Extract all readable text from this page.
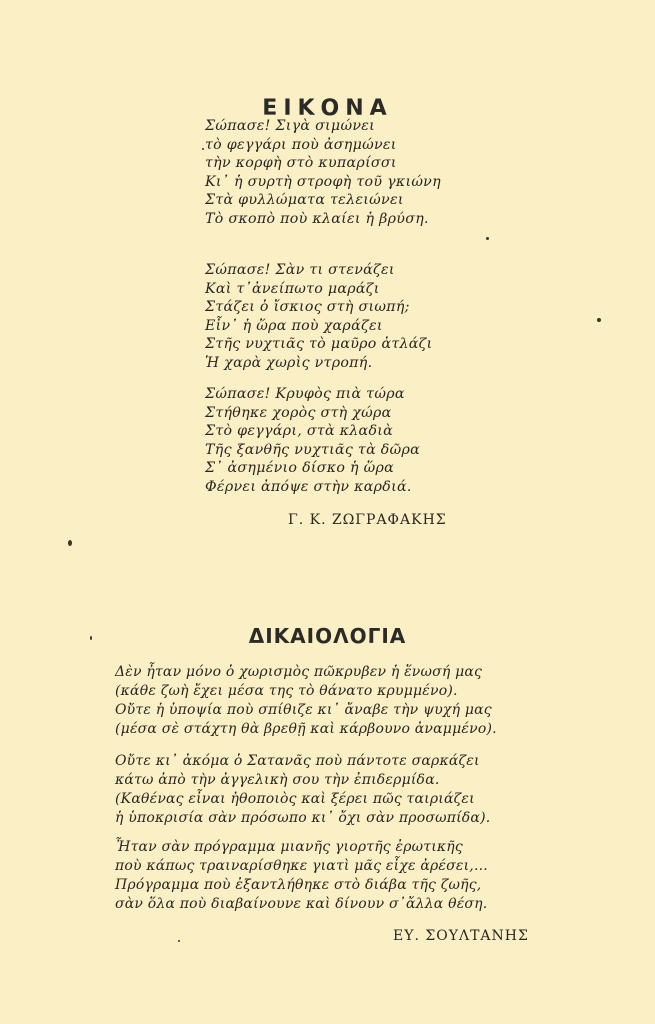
ΕΙΚΟΝΑ
Σώπασε! Σιγὰ σιμώνει
τὸ φεγγάρι ποὺ ἀσημώνει
τὴν κορφὴ στὸ κυπαρίσσι
Κι᾽ ἡ συρτὴ στροφὴ τοῦ γκιώνη
Στὰ φυλλώματα τελειώνει
Τὸ σκοπὸ ποὺ κλαίει ἡ βρύση.
Σώπασε! Σὰν τι στενάζει
Καὶ τ᾽ἀνείπωτο μαράζι
Στάζει ὁ ἴσκιος στὴ σιωπή;
Εἶν᾽ ἡ ὥρα ποὺ χαράζει
Στῆς νυχτιᾶς τὸ μαῦρο ἀτλάζι
Ἡ χαρὰ χωρὶς ντροπή.
Σώπασε! Κρυφὸς πιὰ τώρα
Στήθηκε χορὸς στὴ χώρα
Στὸ φεγγάρι, στὰ κλαδιὰ
Τῆς ξανθῆς νυχτιᾶς τὰ δῶρα
Σ᾽ ἀσημένιο δίσκο ἡ ὥρα
Φέρνει ἀπόψε στὴν καρδιά.
Γ. Κ. ΖΩΓΡΑΦΑΚΗΣ
ΔΙΚΑΙΟΛΟΓΙΑ
Δὲν ἦταν μόνο ὁ χωρισμὸς πῶκρυβεν ἡ ἕνωσή μας
(κάθε ζωὴ ἔχει μέσα της τὸ θάνατο κρυμμένο).
Οὔτε ἡ ὑποψία ποὺ σπίθιζε κι᾽ ἄναβε τὴν ψυχή μας
(μέσα σὲ στάχτη θὰ βρεθῇ καὶ κάρβουνο ἀναμμένο).
Οὔτε κι᾽ ἀκόμα ὁ Σατανᾶς ποὺ πάντοτε σαρκάζει
κάτω ἀπὸ τὴν ἀγγελικὴ σου τὴν ἐπιδερμίδα.
(Καθένας εἶναι ἠθοποιὸς καὶ ξέρει πῶς ταιριάζει
ἡ ὑποκρισία σὰν πρόσωπο κι᾽ ὄχι σὰν προσωπίδα).
Ἦταν σὰν πρόγραμμα μιανῆς γιορτῆς ἐρωτικῆς
ποὺ κάπως τραιναρίσθηκε γιατὶ μᾶς εἶχε ἀρέσει,...
Πρόγραμμα ποὺ ἐξαντλήθηκε στὸ διάβα τῆς ζωῆς,
σὰν ὅλα ποὺ διαβαίνουνε καὶ δίνουν σ᾽ἄλλα θέση.
ΕΥ. ΣΟΥΛΤΑΝΗΣ
